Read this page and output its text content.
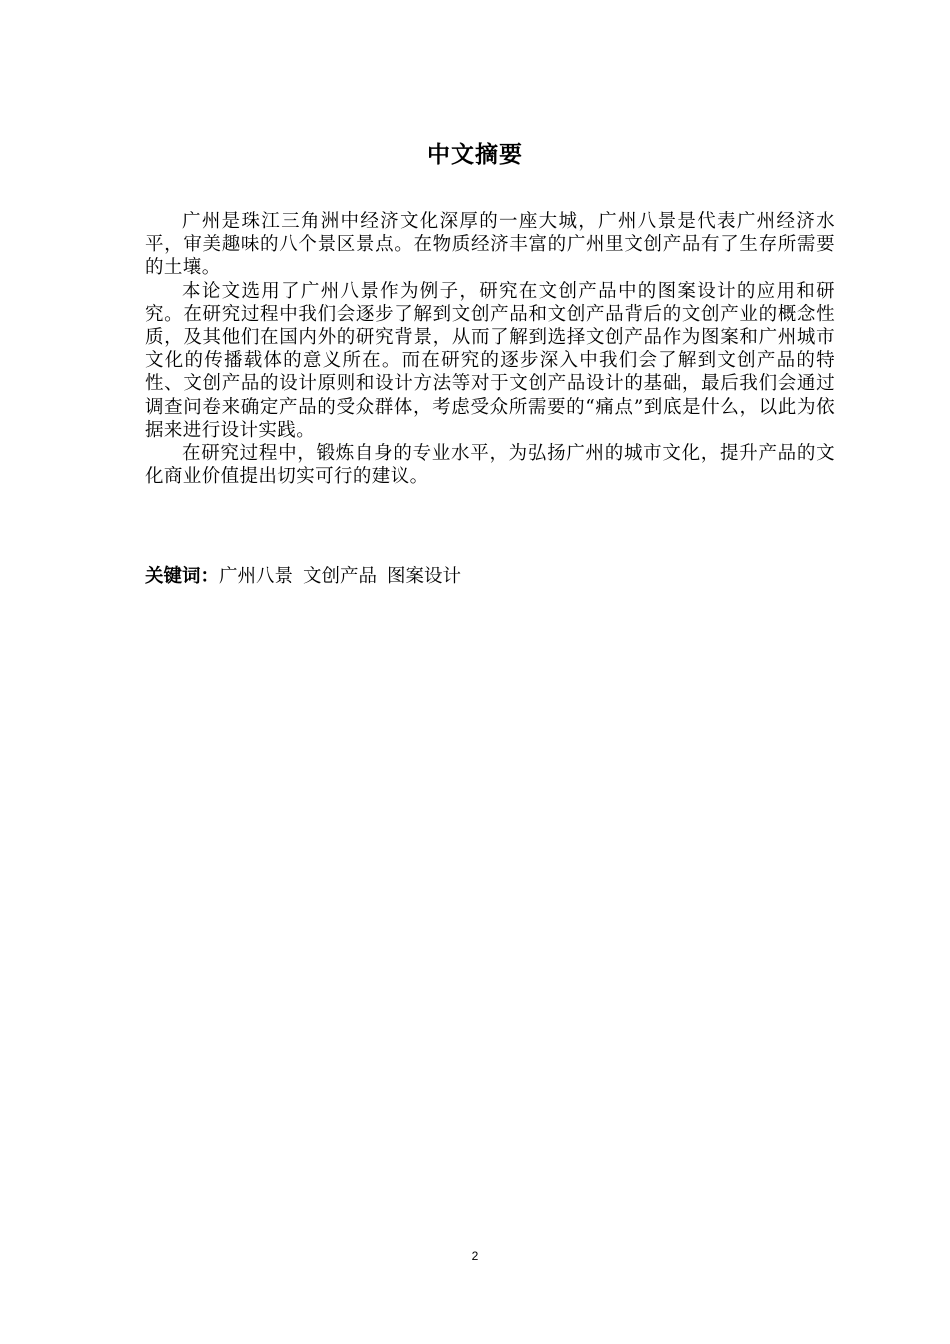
中文摘要

广州是珠江三角洲中经济文化深厚的一座大城，广州八景是代表广州经济水平，审美趣味的八个景区景点。在物质经济丰富的广州里文创产品有了生存所需要的土壤。

本论文选用了广州八景作为例子，研究在文创产品中的图案设计的应用和研究。在研究过程中我们会逐步了解到文创产品和文创产品背后的文创产业的概念性质，及其他们在国内外的研究背景，从而了解到选择文创产品作为图案和广州城市文化的传播载体的意义所在。而在研究的逐步深入中我们会了解到文创产品的特性、文创产品的设计原则和设计方法等对于文创产品设计的基础，最后我们会通过调查问卷来确定产品的受众群体，考虑受众所需要的“痛点”到底是什么，以此为依据来进行设计实践。

在研究过程中，锻炼自身的专业水平，为弘扬广州的城市文化，提升产品的文化商业价值提出切实可行的建议。

关键词：广州八景 文创产品 图案设计
2
